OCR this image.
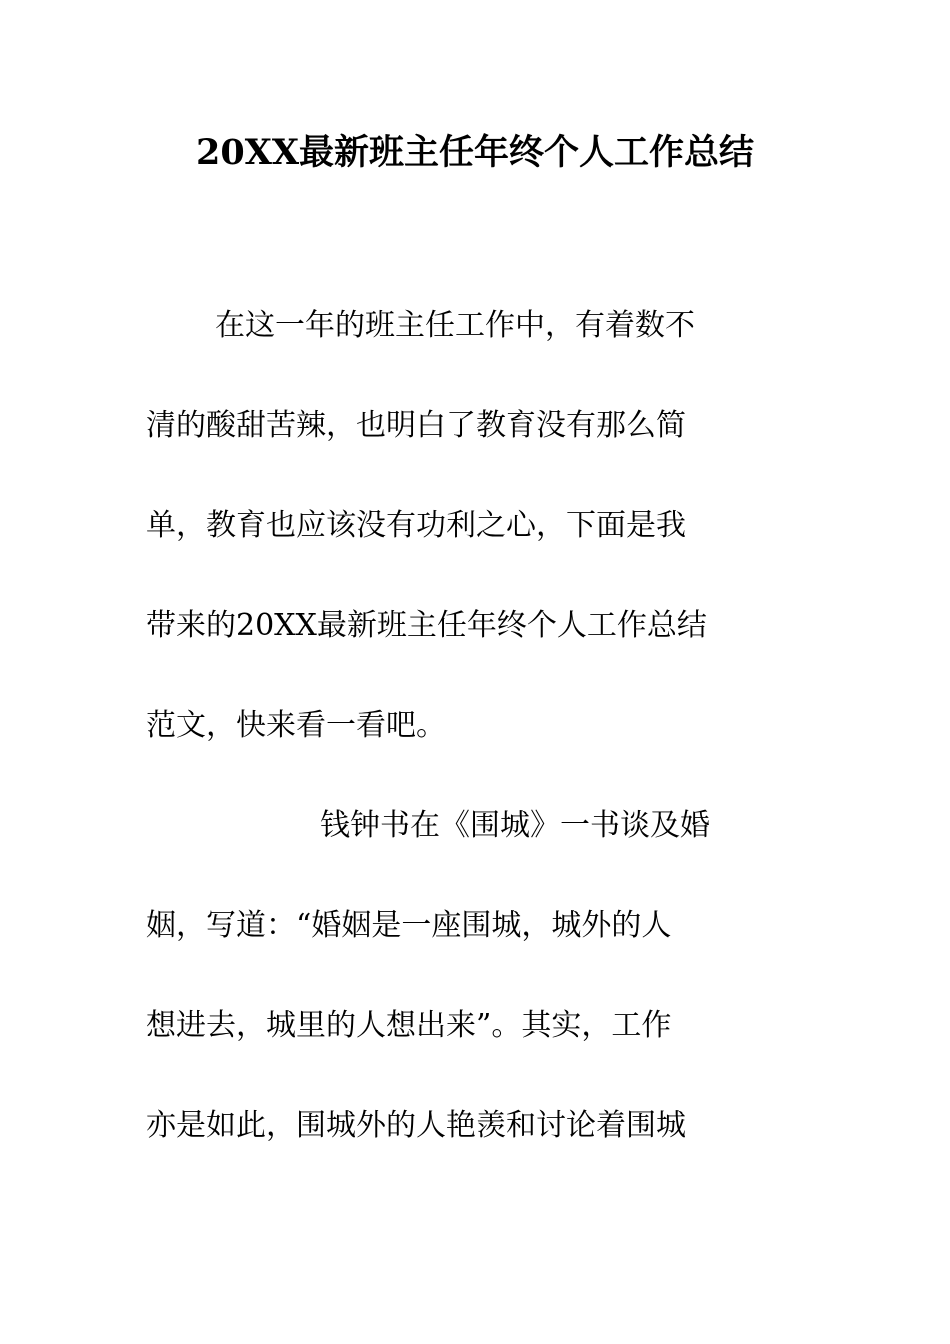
20XX最新班主任年终个人工作总结
在这一年的班主任工作中，有着数不
清的酸甜苦辣，也明白了教育没有那么简
单，教育也应该没有功利之心，下面是我
带来的20XX最新班主任年终个人工作总结
范文，快来看一看吧。
钱钟书在《围城》一书谈及婚
姻，写道：“婚姻是一座围城，城外的人
想进去，城里的人想出来”。其实，工作
亦是如此，围城外的人艳羡和讨论着围城
